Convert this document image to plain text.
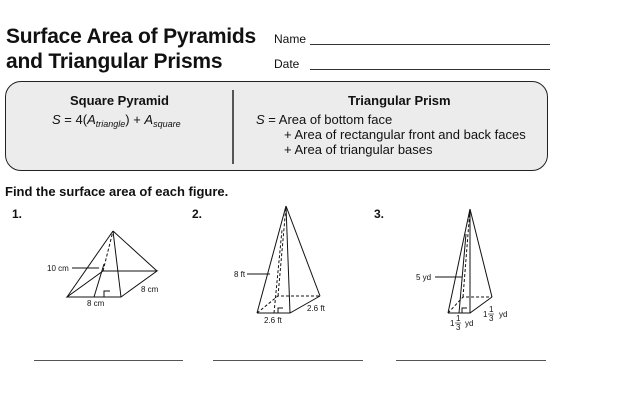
Surface Area of Pyramids
and Triangular Prisms
Name
Date
Square Pyramid
$S = 4(A_{triangle}) + A_{square}$
Triangular Prism
S = Area of bottom face
+ Area of rectangular front and back faces
+ Area of triangular bases
Find the surface area of each figure.
1.	2.	3.
10 cm
8 cm
8 cm
8 ft
2.6 ft
2.6 ft
5 yd
1
1
3 yd
1
1
3 yd
